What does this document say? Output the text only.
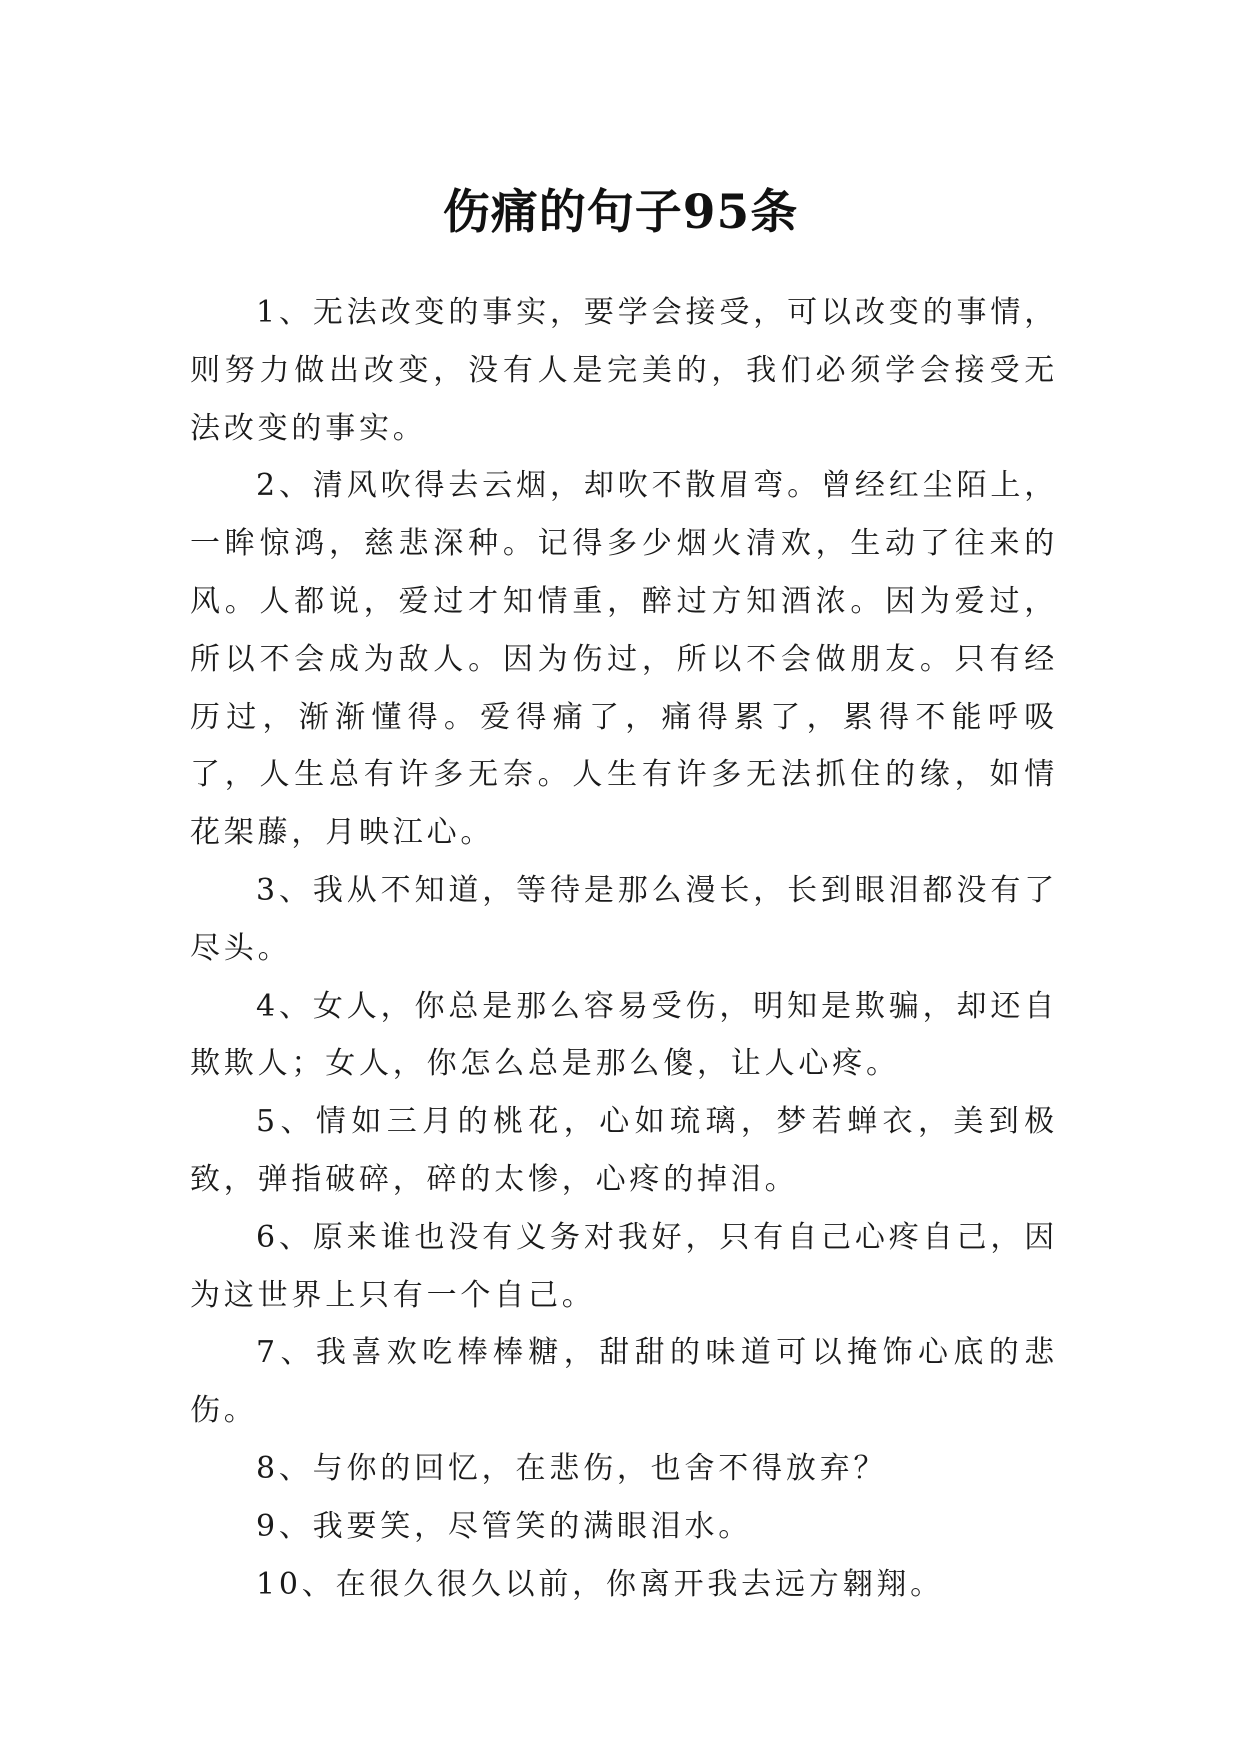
伤痛的句子95条

1、无法改变的事实，要学会接受，可以改变的事情，则努力做出改变，没有人是完美的，我们必须学会接受无法改变的事实。

2、清风吹得去云烟，却吹不散眉弯。曾经红尘陌上，一眸惊鸿，慈悲深种。记得多少烟火清欢，生动了往来的风。人都说，爱过才知情重，醉过方知酒浓。因为爱过，所以不会成为敌人。因为伤过，所以不会做朋友。只有经历过，渐渐懂得。爱得痛了，痛得累了，累得不能呼吸了，人生总有许多无奈。人生有许多无法抓住的缘，如情花架藤，月映江心。

3、我从不知道，等待是那么漫长，长到眼泪都没有了尽头。

4、女人，你总是那么容易受伤，明知是欺骗，却还自欺欺人；女人，你怎么总是那么傻，让人心疼。

5、情如三月的桃花，心如琉璃，梦若蝉衣，美到极致，弹指破碎，碎的太惨，心疼的掉泪。

6、原来谁也没有义务对我好，只有自己心疼自己，因为这世界上只有一个自己。

7、我喜欢吃棒棒糖，甜甜的味道可以掩饰心底的悲伤。

8、与你的回忆，在悲伤，也舍不得放弃？

9、我要笑，尽管笑的满眼泪水。

10、在很久很久以前，你离开我去远方翱翔。
